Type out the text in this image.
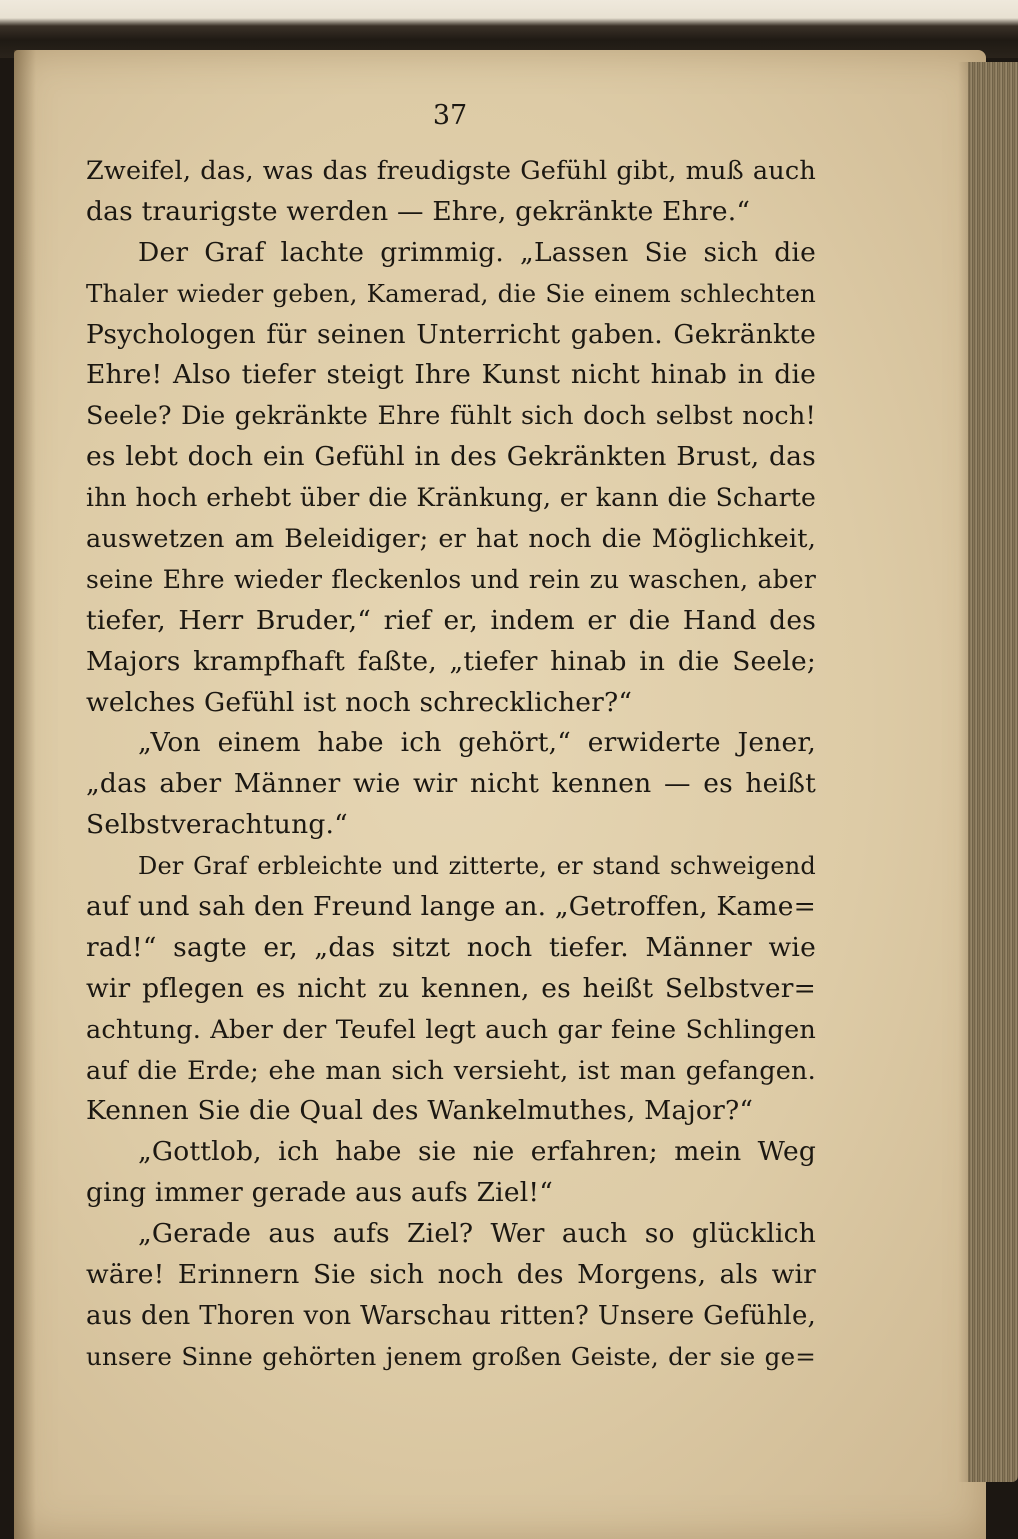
37
Zweifel, das, was das freudigste Gefühl gibt, muß auch
das traurigste werden — Ehre, gekränkte Ehre.“
Der Graf lachte grimmig. „Lassen Sie sich die
Thaler wieder geben, Kamerad, die Sie einem schlechten
Psychologen für seinen Unterricht gaben. Gekränkte
Ehre! Also tiefer steigt Ihre Kunst nicht hinab in die
Seele? Die gekränkte Ehre fühlt sich doch selbst noch!
es lebt doch ein Gefühl in des Gekränkten Brust, das
ihn hoch erhebt über die Kränkung, er kann die Scharte
auswetzen am Beleidiger; er hat noch die Möglichkeit,
seine Ehre wieder fleckenlos und rein zu waschen, aber
tiefer, Herr Bruder,“ rief er, indem er die Hand des
Majors krampfhaft faßte, „tiefer hinab in die Seele;
welches Gefühl ist noch schrecklicher?“
„Von einem habe ich gehört,“ erwiderte Jener,
„das aber Männer wie wir nicht kennen — es heißt
Selbstverachtung.“
Der Graf erbleichte und zitterte, er stand schweigend
auf und sah den Freund lange an. „Getroffen, Kame=
rad!“ sagte er, „das sitzt noch tiefer. Männer wie
wir pflegen es nicht zu kennen, es heißt Selbstver=
achtung. Aber der Teufel legt auch gar feine Schlingen
auf die Erde; ehe man sich versieht, ist man gefangen.
Kennen Sie die Qual des Wankelmuthes, Major?“
„Gottlob, ich habe sie nie erfahren; mein Weg
ging immer gerade aus aufs Ziel!“
„Gerade aus aufs Ziel? Wer auch so glücklich
wäre! Erinnern Sie sich noch des Morgens, als wir
aus den Thoren von Warschau ritten? Unsere Gefühle,
unsere Sinne gehörten jenem großen Geiste, der sie ge=
